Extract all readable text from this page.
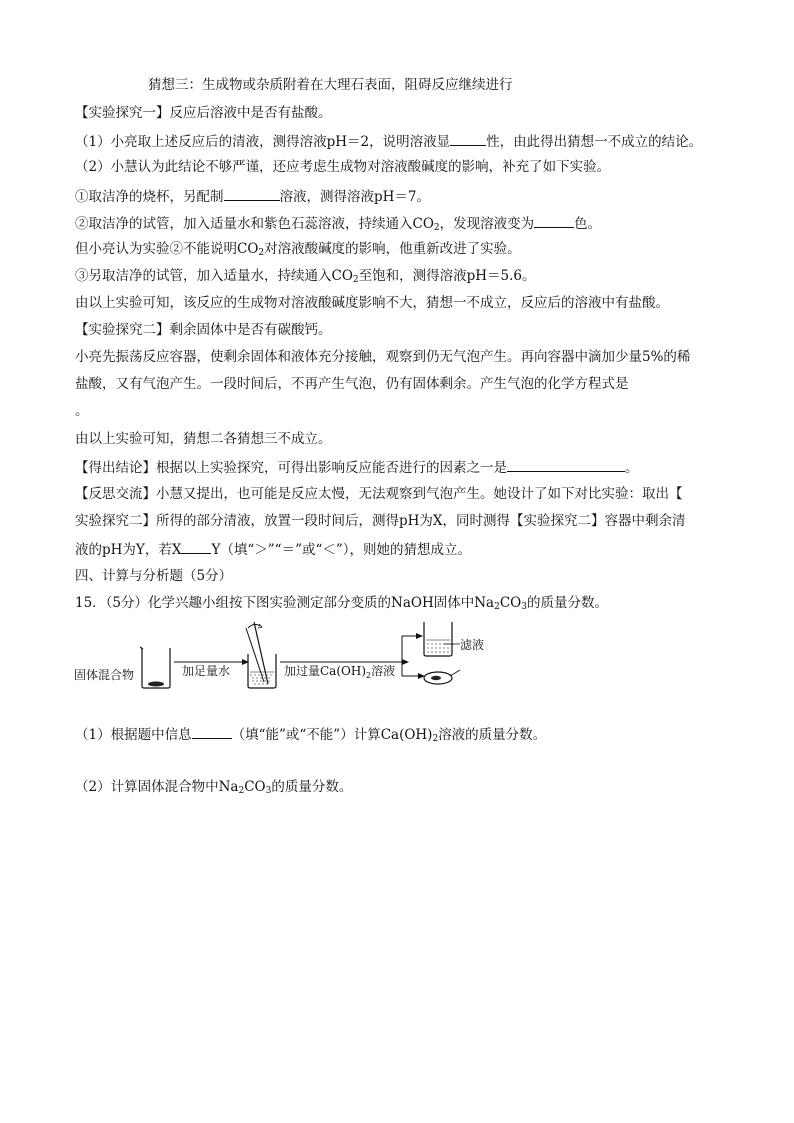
猜想三：生成物或杂质附着在大理石表面，阻碍反应继续进行
【实验探究一】反应后溶液中是否有盐酸。
（1）小亮取上述反应后的清液，测得溶液pH＝2，说明溶液显	性，由此得出猜想一不成立的结论。
（2）小慧认为此结论不够严谨，还应考虑生成物对溶液酸碱度的影响，补充了如下实验。
①取洁净的烧杯，另配制	溶液，测得溶液pH＝7。
②取洁净的试管，加入适量水和紫色石蕊溶液，持续通入$CO_2$，发现溶液变为	色。
但小亮认为实验②不能说明$CO_2$对溶液酸碱度的影响，他重新改进了实验。
③另取洁净的试管，加入适量水，持续通入$CO_2$至饱和，测得溶液pH＝5.6。
由以上实验可知，该反应的生成物对溶液酸碱度影响不大，猜想一不成立，反应后的溶液中有盐酸。
【实验探究二】剩余固体中是否有碳酸钙。
小亮先振荡反应容器，使剩余固体和液体充分接触，观察到仍无气泡产生。再向容器中滴加少量5%的稀
盐酸，又有气泡产生。一段时间后，不再产生气泡，仍有固体剩余。产生气泡的化学方程式是
。
由以上实验可知，猜想二各猜想三不成立。
【得出结论】根据以上实验探究，可得出影响反应能否进行的因素之一是	。
【反思交流】小慧又提出，也可能是反应太慢，无法观察到气泡产生。她设计了如下对比实验：取出【
实验探究二】所得的部分清液，放置一段时间后，测得pH为X，同时测得【实验探究二】容器中剩余清
液的pH为Y，若X Y（填“＞”“＝”或“＜”），则她的猜想成立。
四、计算与分析题（5分）
15．（5分）化学兴趣小组按下图实验测定部分变质的NaOH固体中$Na_2CO_3$的质量分数。
固体混合物	加足量水	加过量$Ca(OH)_2$溶液
滤液
（1）根据题中信息	（填“能”或“不能”）计算$Ca(OH)_2$溶液的质量分数。
（2）计算固体混合物中$Na_2CO_3$的质量分数。
